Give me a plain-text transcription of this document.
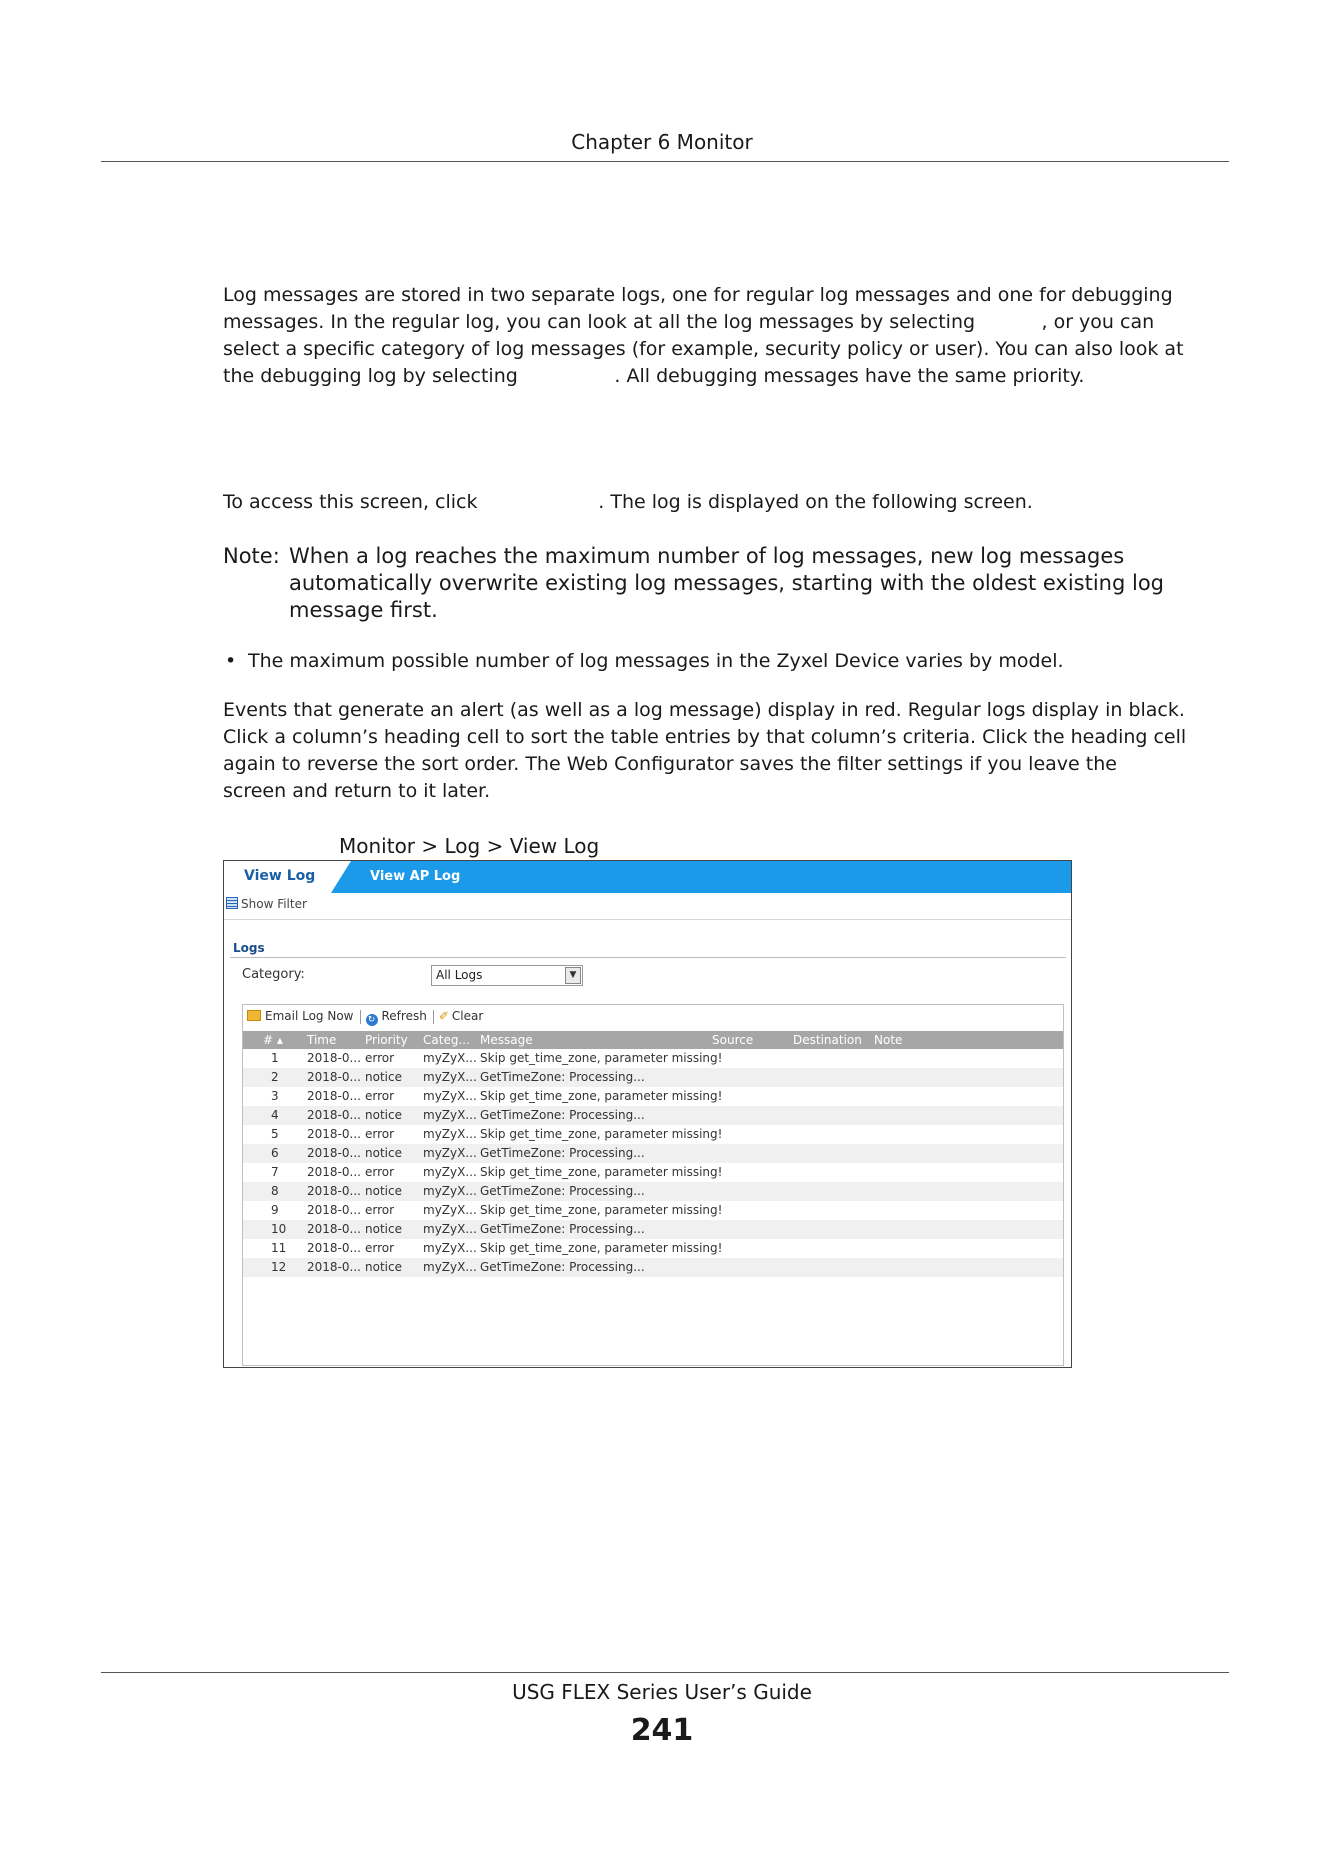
Chapter 6 Monitor

Log messages are stored in two separate logs, one for regular log messages and one for debugging

messages. In the regular log, you can look at all the log messages by selecting           , or you can

select a specific category of log messages (for example, security policy or user). You can also look at

the debugging log by selecting                . All debugging messages have the same priority.

To access this screen, click                    . The log is displayed on the following screen.
Note: When a log reaches the maximum number of log messages, new log messages automatically overwrite existing log messages, starting with the oldest existing log message first.
• The maximum possible number of log messages in the Zyxel Device varies by model.

Events that generate an alert (as well as a log message) display in red. Regular logs display in black.

Click a column’s heading cell to sort the table entries by that column’s criteria. Click the heading cell

again to reverse the sort order. The Web Configurator saves the filter settings if you leave the

screen and return to it later.

Monitor > Log > View Log
View Log	View AP Log
Show Filter
Logs
Category:	All Logs	▼
Email Log Now ↻ Refresh ✐ Clear
# ▴ Time Priority Categ... Message	Source	Destination Note
1 2018-0... error myZyX... Skip get_time_zone, parameter missing!
2 2018-0... notice myZyX... GetTimeZone: Processing...
3 2018-0... error myZyX... Skip get_time_zone, parameter missing!
4 2018-0... notice myZyX... GetTimeZone: Processing...
5 2018-0... error myZyX... Skip get_time_zone, parameter missing!
6 2018-0... notice myZyX... GetTimeZone: Processing...
7 2018-0... error myZyX... Skip get_time_zone, parameter missing!
8 2018-0... notice myZyX... GetTimeZone: Processing...
9 2018-0... error myZyX... Skip get_time_zone, parameter missing!
10 2018-0... notice myZyX... GetTimeZone: Processing...
11 2018-0... error myZyX... Skip get_time_zone, parameter missing!
12 2018-0... notice myZyX... GetTimeZone: Processing...
USG FLEX Series User’s Guide
241
